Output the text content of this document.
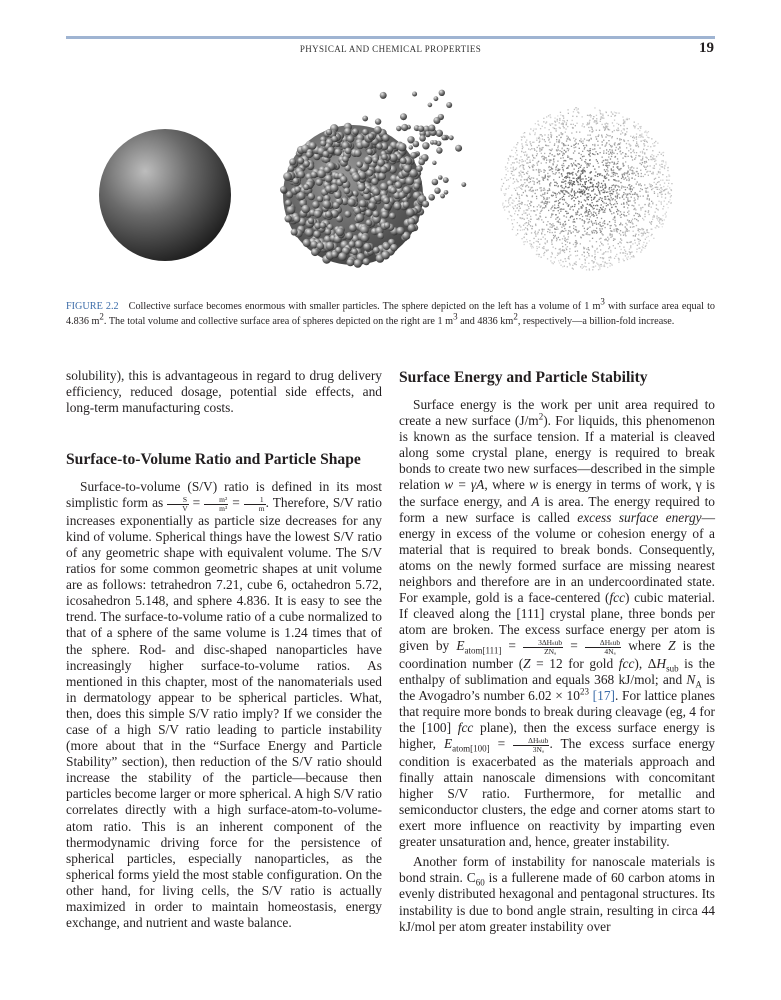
PHYSICAL AND CHEMICAL PROPERTIES	19
FIGURE 2.2 Collective surface becomes enormous with smaller particles. The sphere depicted on the left has a volume of 1 $m^3$ with surface area equal to 4.836 $m^2$. The total volume and collective surface area of spheres depicted on the right are 1 $m^3$ and 4836 $km^2$, respectively—a billion-fold increase.

solubility), this is advantageous in regard to drug delivery efficiency, reduced dosage, potential side effects, and long-term manufacturing costs.

Surface-to-Volume Ratio and Particle Shape

Surface-to-volume (S/V) ratio is defined in its most simplistic form as $\frac{S}{V} = \frac{\text{m²}}{\text{m³}} = \frac{1}{m}$ . Therefore, S/V ratio increases exponentially as particle size decreases for any kind of volume. Spherical things have the lowest S/V ratio of any geometric shape with equivalent volume. The S/V ratios for some common geometric shapes at unit volume are as follows: tetrahedron 7.21, cube 6, octahedron 5.72, icosahedron 5.148, and sphere 4.836. It is easy to see the trend. The surface-to-volume ratio of a cube normalized to that of a sphere of the same volume is 1.24 times that of the sphere. Rod- and disc-shaped nanoparticles have increasingly higher surface-to-volume ratios. As mentioned in this chapter, most of the nanomaterials used in dermatology appear to be spherical particles. What, then, does this simple S/V ratio imply? If we consider the case of a high S/V ratio leading to particle instability (more about that in the “Surface Energy and Particle Stability” section), then reduction of the S/V ratio should increase the stability of the particle—because then particles become larger or more spherical. A high S/V ratio correlates directly with a high surface-atom-to-volume-atom ratio. This is an inherent component of the thermodynamic driving force for the persistence of spherical particles, especially nanoparticles, as the spherical forms yield the most stable configuration. On the other hand, for living cells, the S/V ratio is actually maximized in order to maintain homeostasis, energy exchange, and nutrient and waste balance.

Surface Energy and Particle Stability

Surface energy is the work per unit area required to create a new surface $(J/m^2)$. For liquids, this phenomenon is known as the surface tension. If a material is cleaved along some crystal plane, energy is required to break bonds to create two new surfaces—described in the simple relation w = γA, where w is energy in terms of work, γ is the surface energy, and A is area. The energy required to form a new surface is called excess surface energy—energy in excess of the volume or cohesion energy of a material that is required to break bonds. Consequently, atoms on the newly formed surface are missing nearest neighbors and therefore are in an undercoordinated state. For example, gold is a face-centered (fcc) cubic material. If cleaved along the [111] crystal plane, three bonds per atom are broken. The excess surface energy per atom is given by $E_{atom[111]} = \frac{\text{3ΔHₛub}}{\text{ZNₐ}} = \frac{\text{ΔHₛub}}{\text{4Nₐ}}$ where Z is the coordination number (Z = 12 for gold fcc), $\Delta H_{sub}$ is the enthalpy of sublimation and equals 368 kJ/mol; and $N_A$ is the Avogadro’s number $6.02 \times 10^{23}$ [17]. For lattice planes that require more bonds to break during cleavage (eg, 4 for the [100] fcc plane), then the excess surface energy is higher, $E_{atom[100]} = \frac{\text{ΔHₛub}}{\text{3Nₐ}}$ . The excess surface energy condition is exacerbated as the materials approach and finally attain nanoscale dimensions with concomitant higher S/V ratio. Furthermore, for metallic and semiconductor clusters, the edge and corner atoms start to exert more influence on reactivity by imparting even greater unsaturation and, hence, greater instability.

Another form of instability for nanoscale materials is bond strain. $C_{60}$ is a fullerene made of 60 carbon atoms in evenly distributed hexagonal and pentagonal structures. Its instability is due to bond angle strain, resulting in circa 44 kJ/mol per atom greater instability over
